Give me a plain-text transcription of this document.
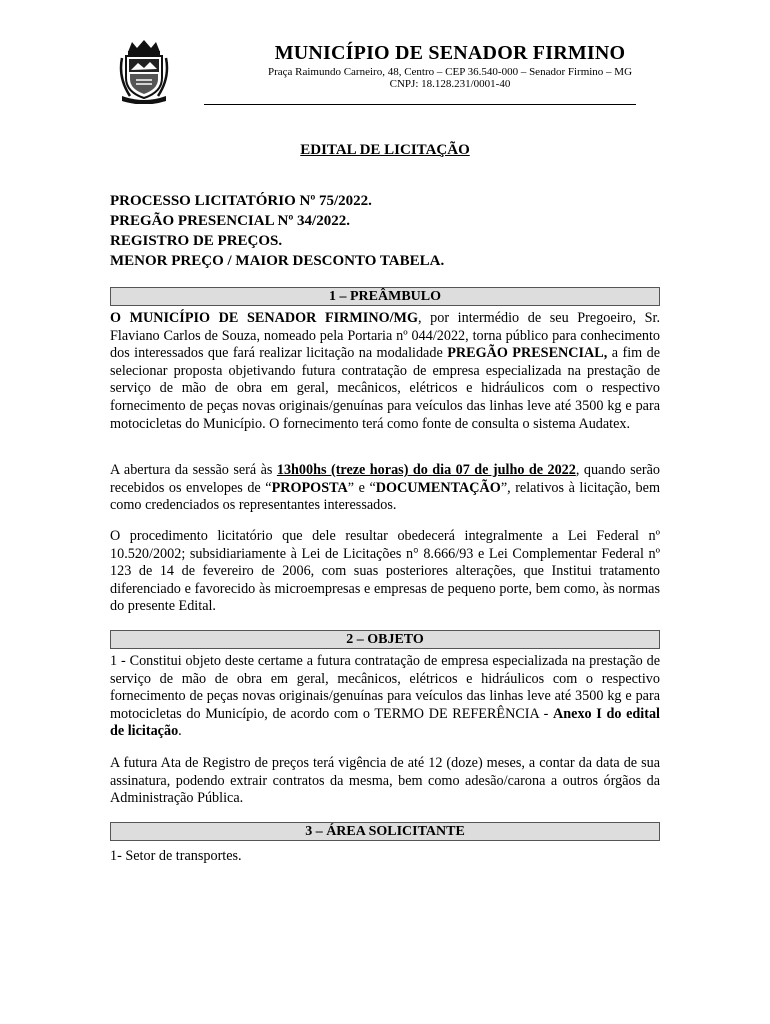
MUNICÍPIO DE SENADOR FIRMINO
Praça Raimundo Carneiro, 48, Centro – CEP 36.540-000 – Senador Firmino – MG
CNPJ: 18.128.231/0001-40
EDITAL DE LICITAÇÃO
PROCESSO LICITATÓRIO Nº 75/2022.
PREGÃO PRESENCIAL Nº 34/2022.
REGISTRO DE PREÇOS.
MENOR PREÇO / MAIOR DESCONTO TABELA.
1 – PREÂMBULO
O MUNICÍPIO DE SENADOR FIRMINO/MG, por intermédio de seu Pregoeiro, Sr. Flaviano Carlos de Souza, nomeado pela Portaria nº 044/2022, torna público para conhecimento dos interessados que fará realizar licitação na modalidade PREGÃO PRESENCIAL, a fim de selecionar proposta objetivando futura contratação de empresa especializada na prestação de serviço de mão de obra em geral, mecânicos, elétricos e hidráulicos com o respectivo fornecimento de peças novas originais/genuínas para veículos das linhas leve até 3500 kg e para motocicletas do Município. O fornecimento terá como fonte de consulta o sistema Audatex.
A abertura da sessão será às 13h00hs (treze horas) do dia 07 de julho de 2022, quando serão recebidos os envelopes de “PROPOSTA” e “DOCUMENTAÇÃO”, relativos à licitação, bem como credenciados os representantes interessados.
O procedimento licitatório que dele resultar obedecerá integralmente a Lei Federal nº 10.520/2002; subsidiariamente à Lei de Licitações n° 8.666/93 e Lei Complementar Federal nº 123 de 14 de fevereiro de 2006, com suas posteriores alterações, que Institui tratamento diferenciado e favorecido às microempresas e empresas de pequeno porte, bem como, às normas do presente Edital.
2 – OBJETO
1 - Constitui objeto deste certame a futura contratação de empresa especializada na prestação de serviço de mão de obra em geral, mecânicos, elétricos e hidráulicos com o respectivo fornecimento de peças novas originais/genuínas para veículos das linhas leve até 3500 kg e para motocicletas do Município, de acordo com o TERMO DE REFERÊNCIA - Anexo I do edital de licitação.
A futura Ata de Registro de preços terá vigência de até 12 (doze) meses, a contar da data de sua assinatura, podendo extrair contratos da mesma, bem como adesão/carona a outros órgãos da Administração Pública.
3 – ÁREA SOLICITANTE
1- Setor de transportes.
